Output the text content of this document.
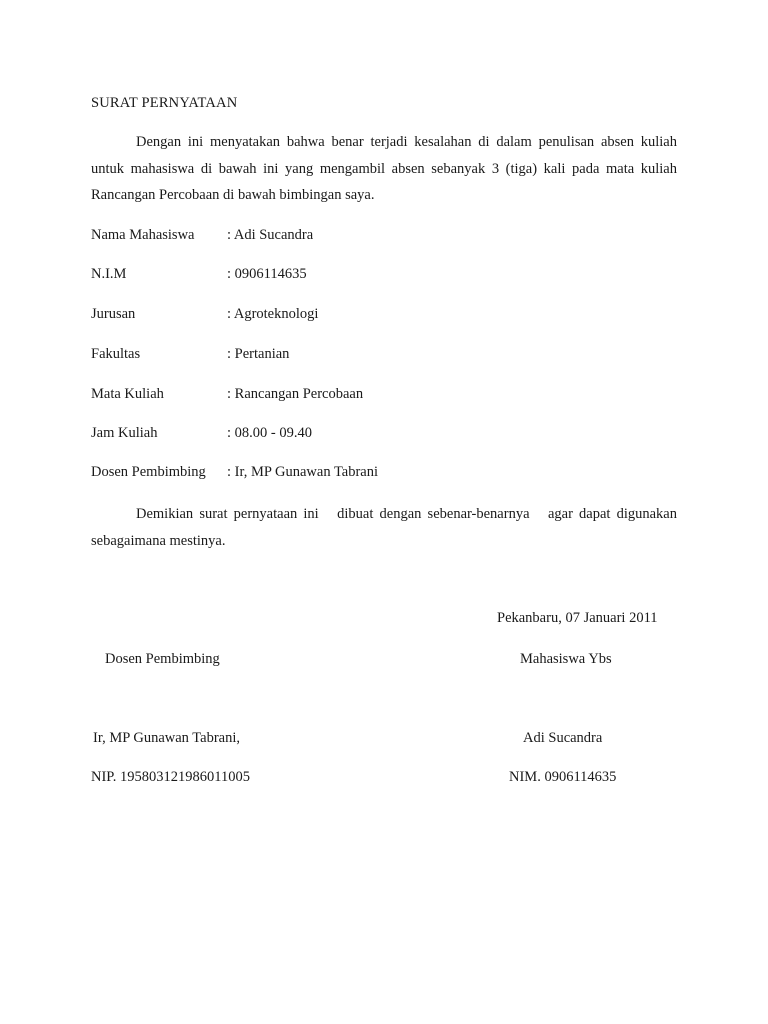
SURAT PERNYATAAN
Dengan ini menyatakan bahwa benar terjadi kesalahan di dalam penulisan absen kuliah
untuk mahasiswa di bawah ini yang mengambil absen sebanyak 3 (tiga) kali pada mata kuliah
Rancangan Percobaan di bawah bimbingan saya.
Nama Mahasiswa : Adi Sucandra
N.I.M	: 0906114635
Jurusan	: Agroteknologi
Fakultas	: Pertanian
Mata Kuliah	: Rancangan Percobaan
Jam Kuliah	: 08.00 - 09.40
Dosen Pembimbing : Ir, MP Gunawan Tabrani
Demikian surat pernyataan ini   dibuat dengan sebenar-benarnya   agar dapat digunakan
sebagaimana mestinya.
Pekanbaru, 07 Januari 2011
Dosen Pembimbing	Mahasiswa Ybs
Ir, MP Gunawan Tabrani,	Adi Sucandra
NIP. 195803121986011005	NIM. 0906114635
